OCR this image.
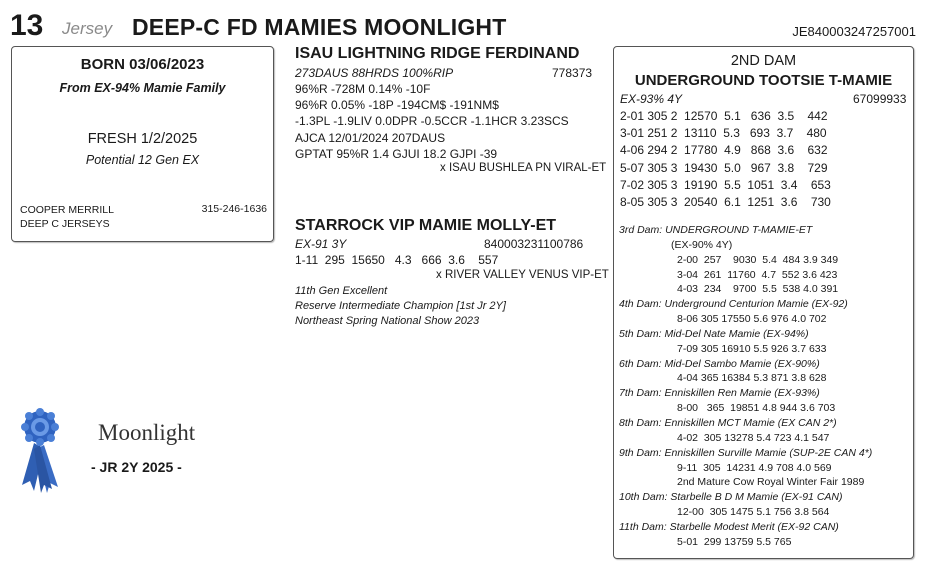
13 Jersey DEEP-C FD MAMIES MOONLIGHT	JE840003247257001
BORN 03/06/2023
From EX-94% Mamie Family
FRESH 1/2/2025
Potential 12 Gen EX
COOPER MERRILL
DEEP C JERSEYS
315-246-1636
ISAU LIGHTNING RIDGE FERDINAND
273DAUS 88HRDS 100%RIP	778373
96%R -728M 0.14% -10F
96%R 0.05% -18P -194CM$ -191NM$
-1.3PL -1.9LIV 0.0DPR -0.5CCR -1.1HCR 3.23SCS
AJCA 12/01/2024 207DAUS
GPTAT 95%R 1.4 GJUI 18.2 GJPI -39
x ISAU BUSHLEA PN VIRAL-ET
STARROCK VIP MAMIE MOLLY-ET
EX-91 3Y	840003231100786
1-11  295  15650   4.3   666  3.6    557
x RIVER VALLEY VENUS VIP-ET
11th Gen Excellent
Reserve Intermediate Champion [1st Jr 2Y]
Northeast Spring National Show 2023
Moonlight
- JR 2Y 2025 -
2ND DAM
UNDERGROUND TOOTSIE T-MAMIE
EX-93% 4Y	67099933
2-01 305 2  12570  5.1   636  3.5    442
3-01 251 2  13110  5.3   693  3.7    480
4-06 294 2  17780  4.9   868  3.6    632
5-07 305 3  19430  5.0   967  3.8    729
7-02 305 3  19190  5.5  1051  3.4    653
8-05 305 3  20540  6.1  1251  3.6    730
3rd Dam: UNDERGROUND T-MAMIE-ET
(EX-90% 4Y)
2-00  257    9030  5.4  484 3.9 349
3-04  261  11760  4.7  552 3.6 423
4-03  234    9700  5.5  538 4.0 391
4th Dam: Underground Centurion Mamie (EX-92)
8-06 305 17550 5.6 976 4.0 702
5th Dam: Mid-Del Nate Mamie (EX-94%)
7-09 305 16910 5.5 926 3.7 633
6th Dam: Mid-Del Sambo Mamie (EX-90%)
4-04 365 16384 5.3 871 3.8 628
7th Dam: Enniskillen Ren Mamie (EX-93%)
8-00   365  19851 4.8 944 3.6 703
8th Dam: Enniskillen MCT Mamie (EX CAN 2*)
4-02  305 13278 5.4 723 4.1 547
9th Dam: Enniskillen Surville Mamie (SUP-2E CAN 4*)
9-11  305  14231 4.9 708 4.0 569
2nd Mature Cow Royal Winter Fair 1989
10th Dam: Starbelle B D M Mamie (EX-91 CAN)
12-00  305 1475 5.1 756 3.8 564
11th Dam: Starbelle Modest Merit (EX-92 CAN)
5-01  299 13759 5.5 765
